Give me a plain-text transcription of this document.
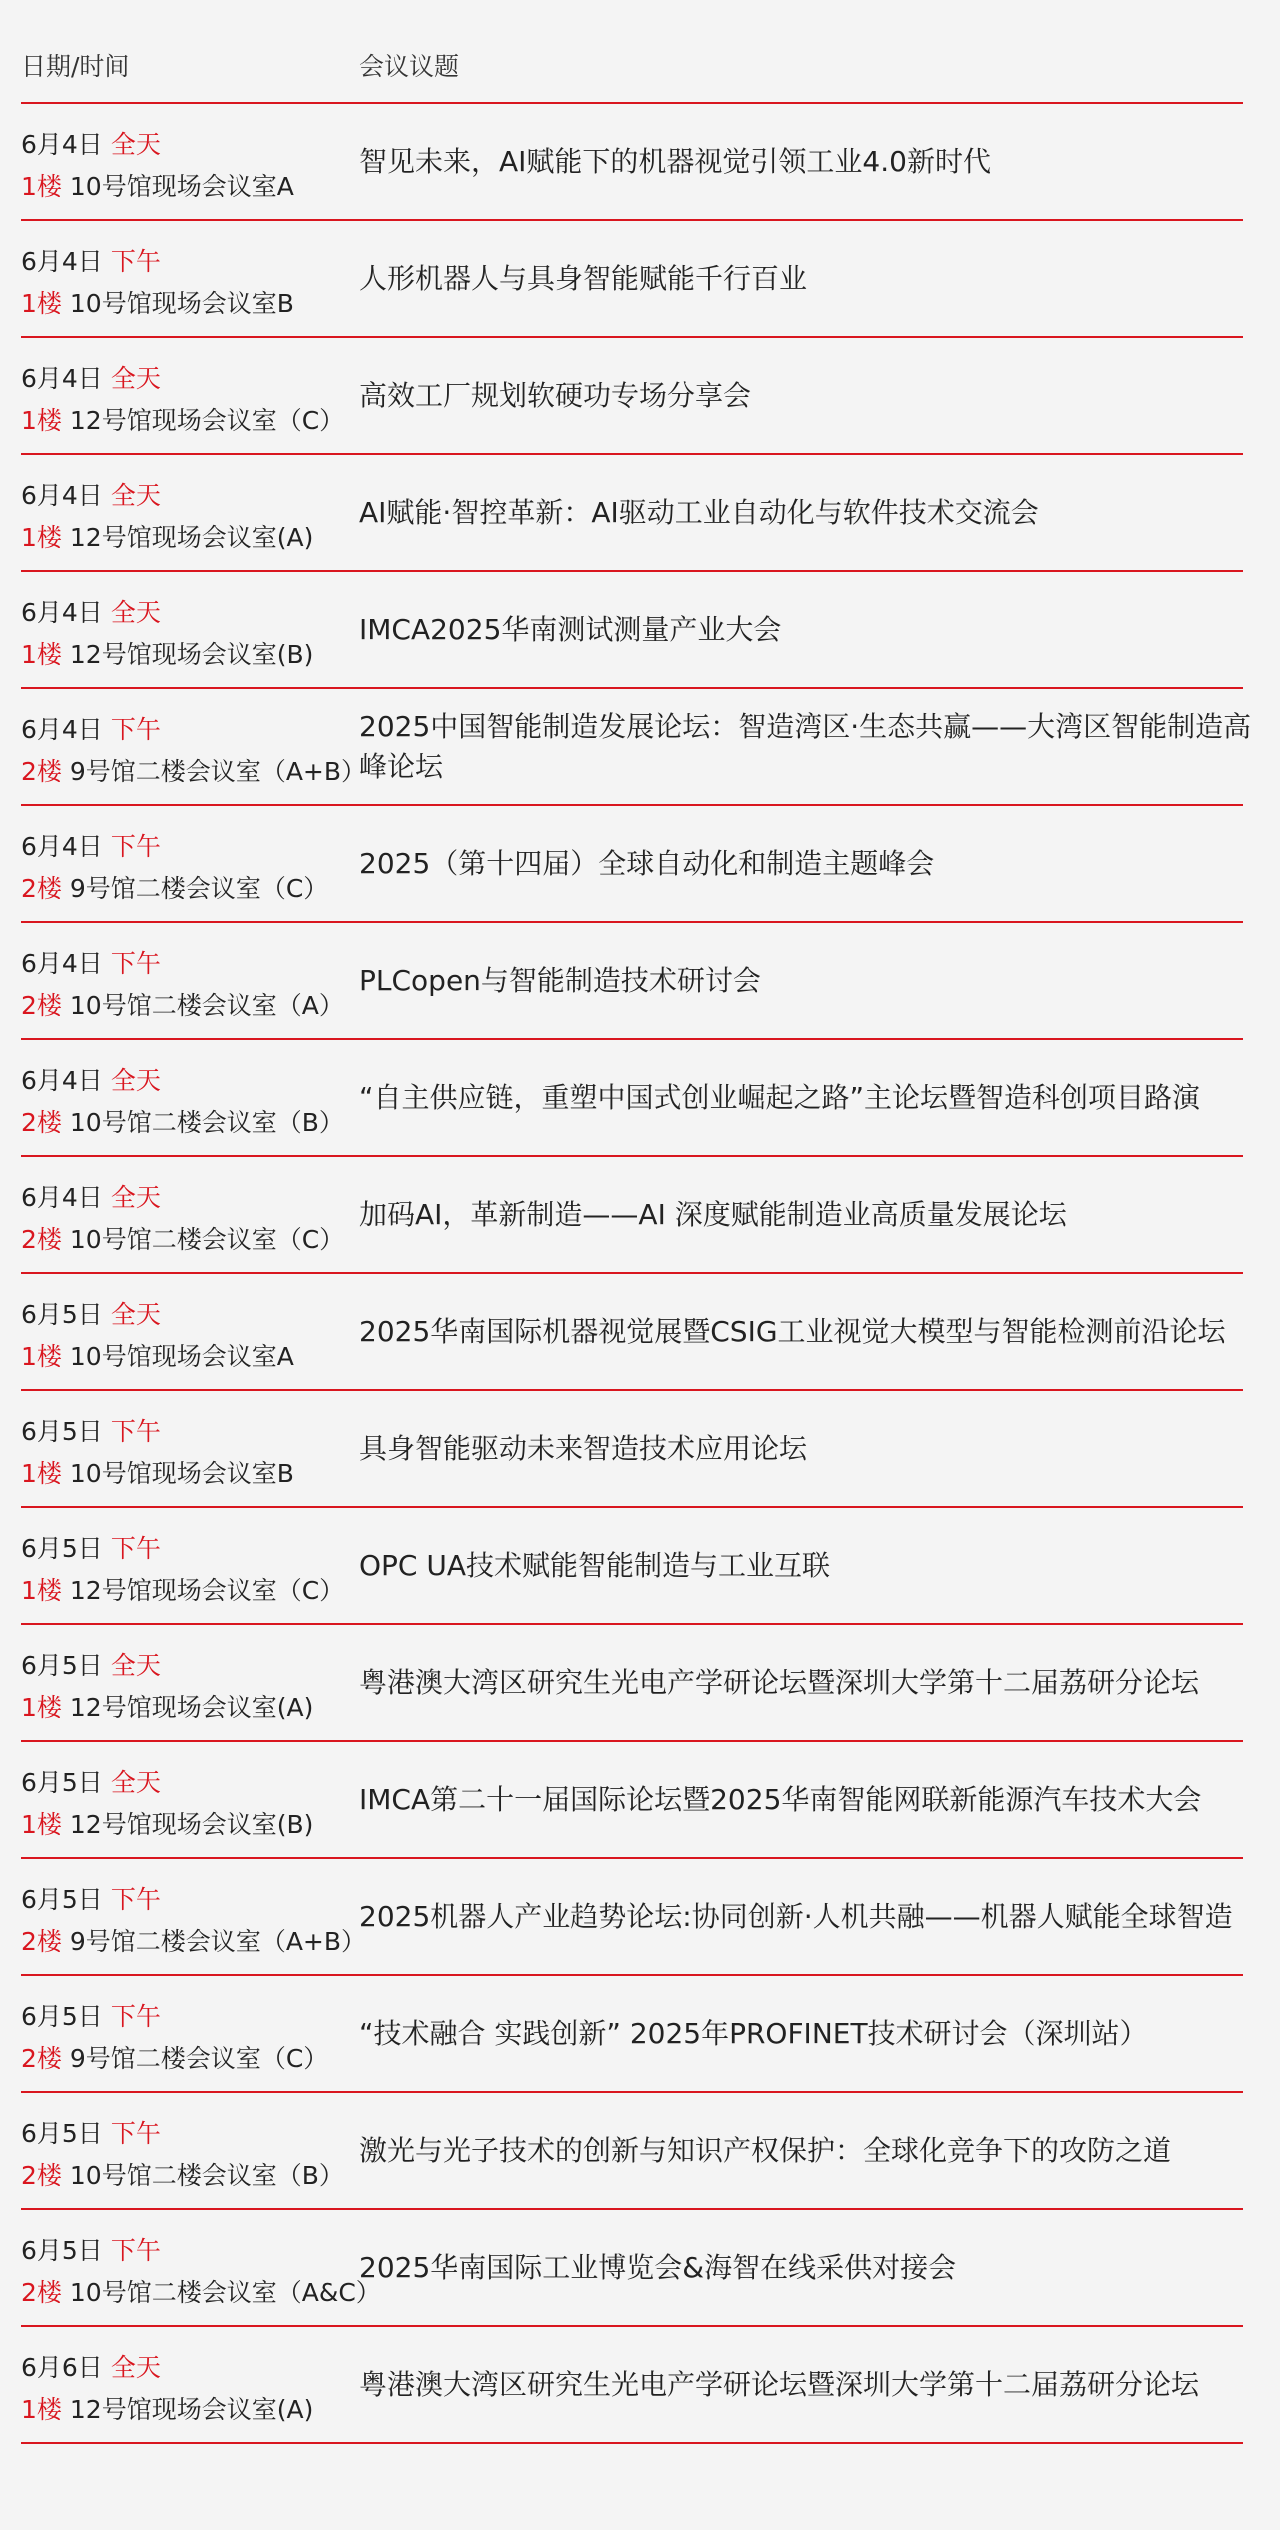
日期/时间	会议议题
6月4日 全天
1楼 10号馆现场会议室A
智见未来，AI赋能下的机器视觉引领工业4.0新时代
6月4日 下午
1楼 10号馆现场会议室B
人形机器人与具身智能赋能千行百业
6月4日 全天
1楼 12号馆现场会议室（C）
高效工厂规划软硬功专场分享会
6月4日 全天
1楼 12号馆现场会议室(A)
AI赋能·智控革新：AI驱动工业自动化与软件技术交流会
6月4日 全天
1楼 12号馆现场会议室(B)
IMCA2025华南测试测量产业大会
6月4日 下午
2楼 9号馆二楼会议室（A+B）
2025中国智能制造发展论坛：智造湾区·生态共赢——大湾区智能制造高峰论坛
6月4日 下午
2楼 9号馆二楼会议室（C）
2025（第十四届）全球自动化和制造主题峰会
6月4日 下午
2楼 10号馆二楼会议室（A）
PLCopen与智能制造技术研讨会
6月4日 全天
2楼 10号馆二楼会议室（B）
“自主供应链，重塑中国式创业崛起之路”主论坛暨智造科创项目路演
6月4日 全天
2楼 10号馆二楼会议室（C）
加码AI，革新制造——AI 深度赋能制造业高质量发展论坛
6月5日 全天
1楼 10号馆现场会议室A
2025华南国际机器视觉展暨CSIG工业视觉大模型与智能检测前沿论坛
6月5日 下午
1楼 10号馆现场会议室B
具身智能驱动未来智造技术应用论坛
6月5日 下午
1楼 12号馆现场会议室（C）
OPC UA技术赋能智能制造与工业互联
6月5日 全天
1楼 12号馆现场会议室(A)
粤港澳大湾区研究生光电产学研论坛暨深圳大学第十二届荔研分论坛
6月5日 全天
1楼 12号馆现场会议室(B)
IMCA第二十一届国际论坛暨2025华南智能网联新能源汽车技术大会
6月5日 下午
2楼 9号馆二楼会议室（A+B）
2025机器人产业趋势论坛:协同创新·人机共融——机器人赋能全球智造
6月5日 下午
2楼 9号馆二楼会议室（C）
“技术融合 实践创新” 2025年PROFINET技术研讨会（深圳站）
6月5日 下午
2楼 10号馆二楼会议室（B）
激光与光子技术的创新与知识产权保护：全球化竞争下的攻防之道
6月5日 下午
2楼 10号馆二楼会议室（A&C）
2025华南国际工业博览会&海智在线采供对接会
6月6日 全天
1楼 12号馆现场会议室(A)
粤港澳大湾区研究生光电产学研论坛暨深圳大学第十二届荔研分论坛
